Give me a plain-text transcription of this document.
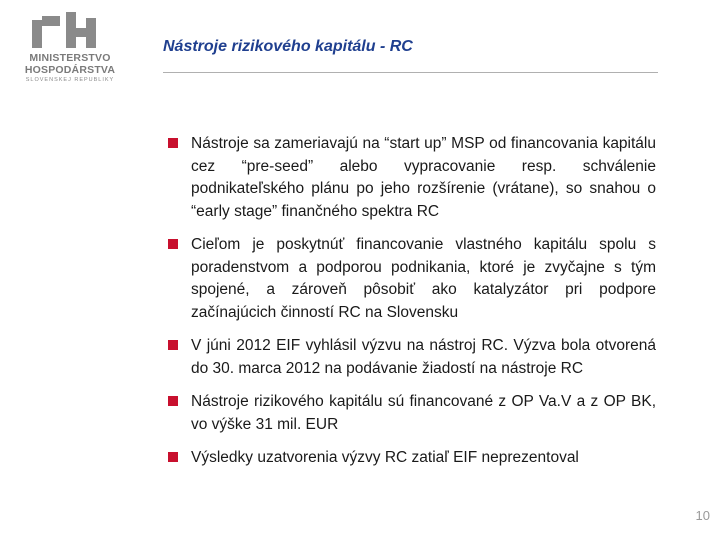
MINISTERSTVO
HOSPODÁRSTVA
SLOVENSKEJ REPUBLIKY
Nástroje rizikového kapitálu - RC
Nástroje sa zameriavajú na “start up” MSP od financovania kapitálu cez “pre-seed” alebo vypracovanie resp. schválenie podnikateľského plánu po jeho rozšírenie (vrátane), so snahou o “early stage” finančného spektra RC
Cieľom je poskytnúť financovanie vlastného kapitálu spolu s poradenstvom a podporou podnikania, ktoré je zvyčajne s tým spojené, a zároveň pôsobiť ako katalyzátor pri podpore začínajúcich činností RC na Slovensku
V júni 2012 EIF vyhlásil výzvu na nástroj RC. Výzva bola otvorená do 30. marca 2012 na podávanie žiadostí na nástroje RC
Nástroje rizikového kapitálu sú financované z OP Va.V a z OP BK, vo výške 31 mil. EUR
Výsledky uzatvorenia výzvy RC zatiaľ EIF neprezentoval
10
